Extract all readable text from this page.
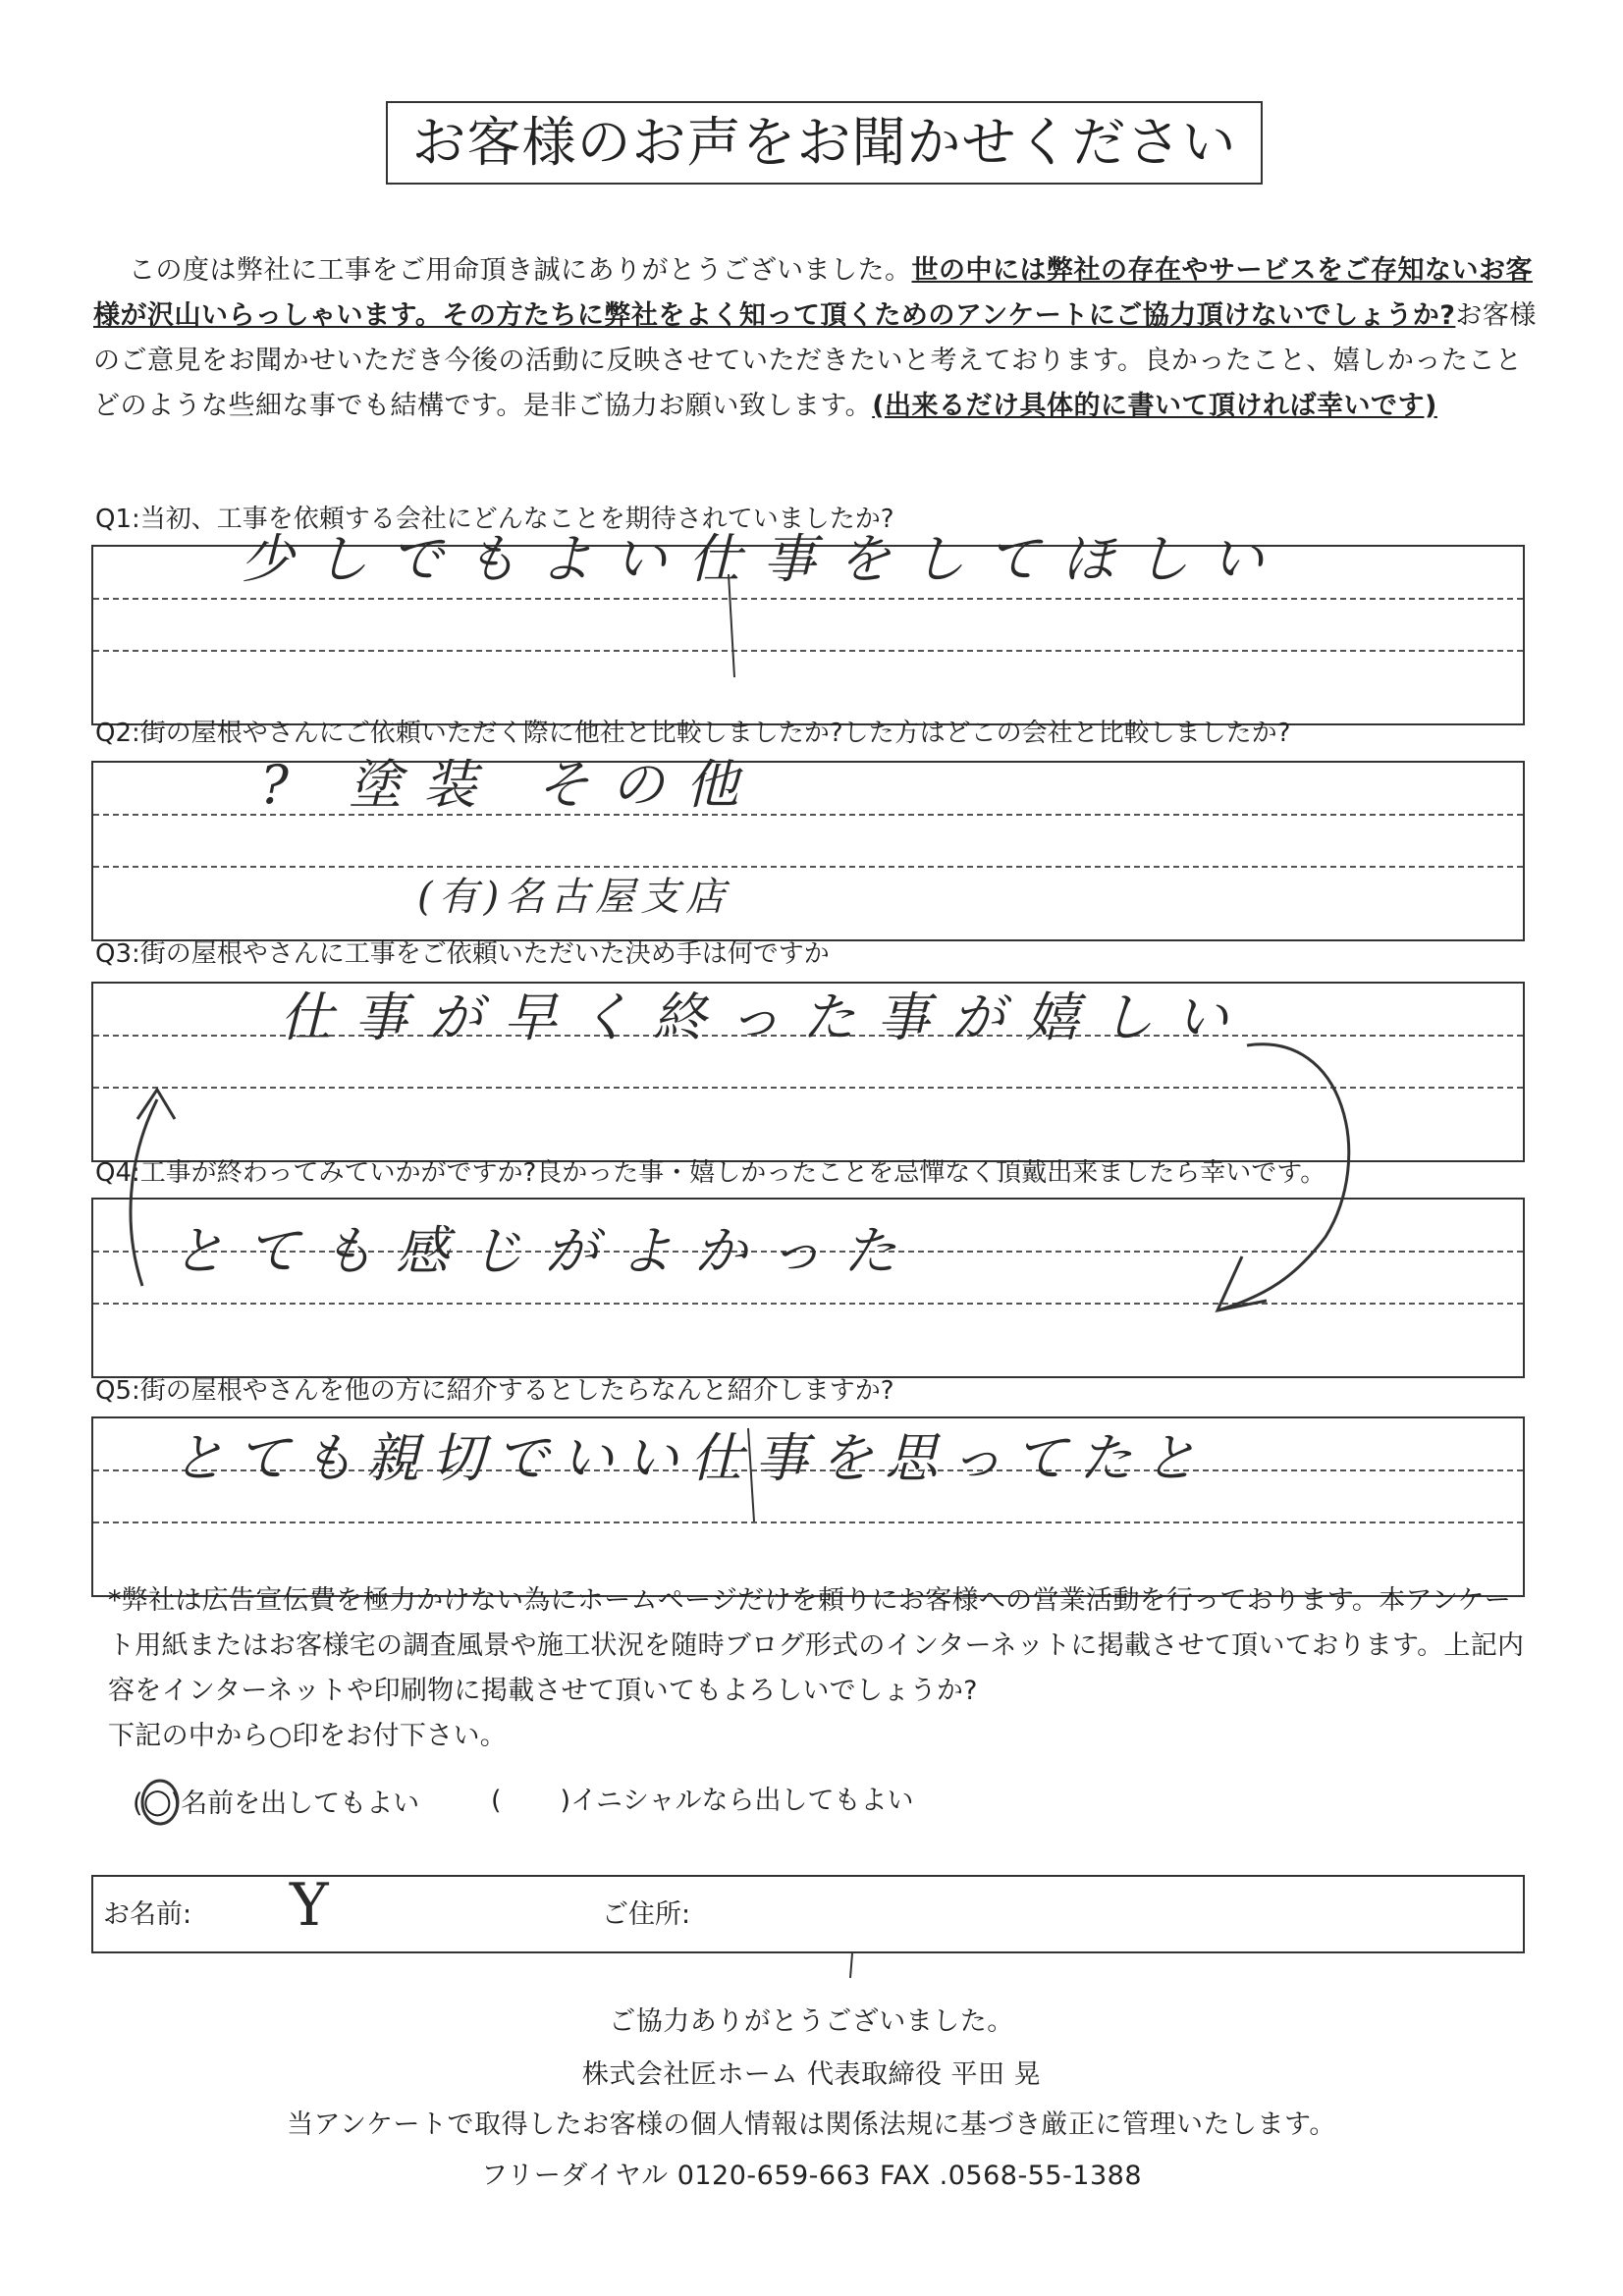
お客様のお声をお聞かせください
この度は弊社に工事をご用命頂き誠にありがとうございました。世の中には弊社の存在やサービスをご存知ないお客様が沢山いらっしゃいます。その方たちに弊社をよく知って頂くためのアンケートにご協力頂けないでしょうか?お客様のご意見をお聞かせいただき今後の活動に反映させていただきたいと考えております。良かったこと、嬉しかったことどのような些細な事でも結構です。是非ご協力お願い致します。(出来るだけ具体的に書いて頂ければ幸いです)
Q1:当初、工事を依頼する会社にどんなことを期待されていましたか?
少しでもよい仕事をしてほしい
Q2:街の屋根やさんにご依頼いただく際に他社と比較しましたか?した方はどこの会社と比較しましたか?
? 塗装 その他
(有)名古屋支店
Q3:街の屋根やさんに工事をご依頼いただいた決め手は何ですか
仕事が早く終った事が嬉しい
Q4:工事が終わってみていかがですか?良かった事・嬉しかったことを忌憚なく頂戴出来ましたら幸いです。
とても感じがよかった
Q5:街の屋根やさんを他の方に紹介するとしたらなんと紹介しますか?
とても親切でいい仕事を思ってたと

*弊社は広告宣伝費を極力かけない為にホームページだけを頼りにお客様への営業活動を行っております。本アンケート用紙またはお客様宅の調査風景や施工状況を随時ブログ形式のインターネットに掲載させて頂いております。上記内容をインターネットや印刷物に掲載させて頂いてもよろしいでしょうか?

下記の中から○印をお付下さい。

(○)名前を出してもよい	( )イニシャルなら出してもよい
お名前: Y	ご住所:
ご協力ありがとうございました。
株式会社匠ホーム 代表取締役 平田 晃
当アンケートで取得したお客様の個人情報は関係法規に基づき厳正に管理いたします。
フリーダイヤル 0120-659-663 FAX .0568-55-1388
